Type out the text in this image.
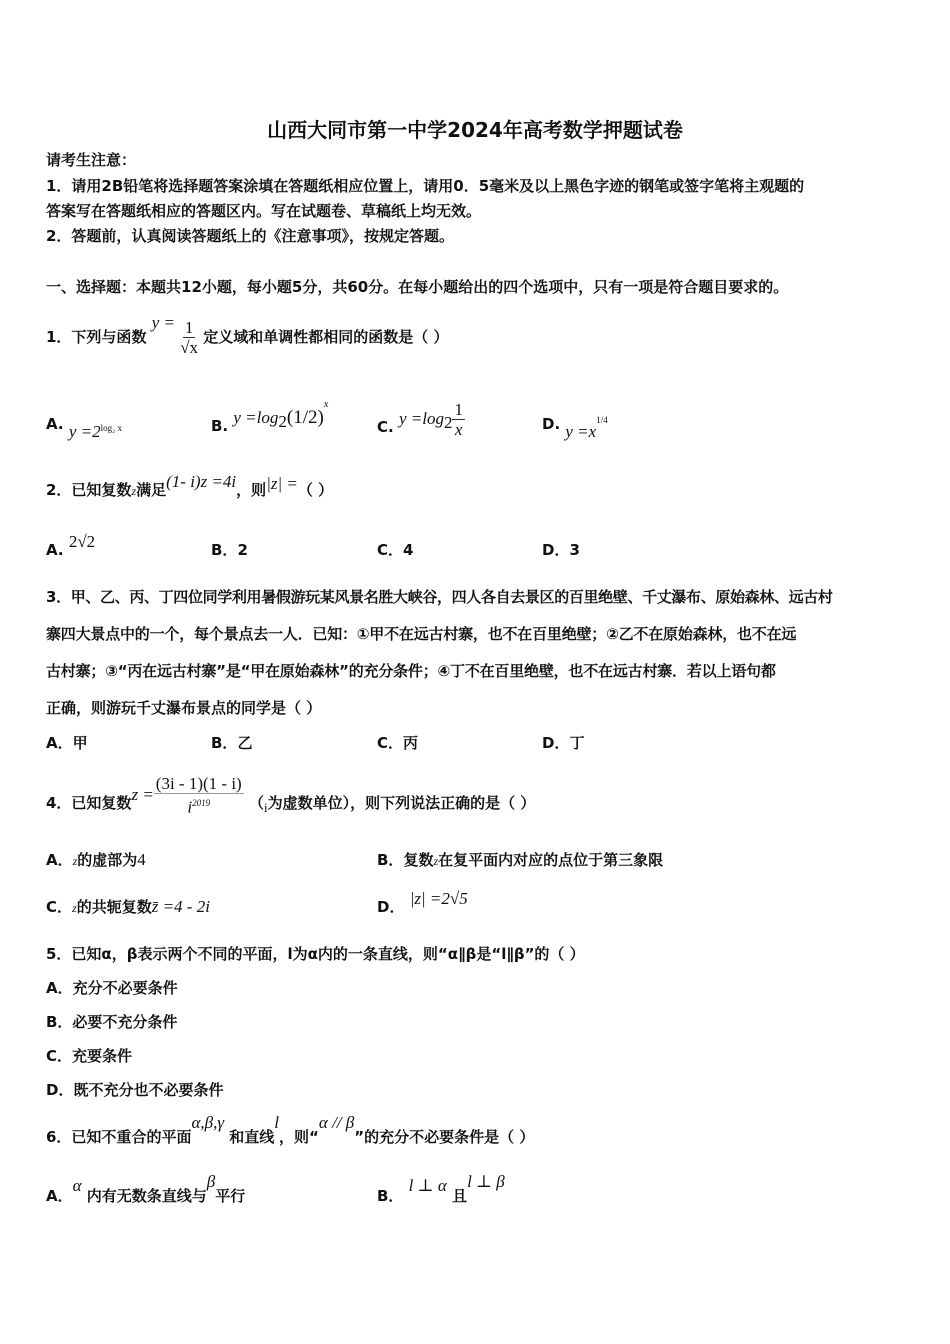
山西大同市第一中学2024年高考数学押题试卷
请考生注意：
1．请用2B铅笔将选择题答案涂填在答题纸相应位置上，请用0．5毫米及以上黑色字迹的钢笔或签字笔将主观题的
答案写在答题纸相应的答题区内。写在试题卷、草稿纸上均无效。
2．答题前，认真阅读答题纸上的《注意事项》，按规定答题。
一、选择题：本题共12小题，每小题5分，共60分。在每小题给出的四个选项中，只有一项是符合题目要求的。
1．下列与函数 $y = \frac{1}{√x}$ 定义域和单调性都相同的函数是（ ）
A. $y =2^{log_2 x}$	B. $y =\log_2(1/2)^x$
C. $y =\log_2 \frac{1}{x}$	D. $y =x^{1/4}$
2．已知复数z满足(1- i)z =4i，则|z| =（ ）
A. 2√2	B．2	C．4	D．3
3．甲、乙、丙、丁四位同学利用暑假游玩某风景名胜大峡谷，四人各自去景区的百里绝壁、千丈瀑布、原始森林、远古村
寨四大景点中的一个，每个景点去一人．已知：①甲不在远古村寨，也不在百里绝壁；②乙不在原始森林，也不在远
古村寨；③“丙在远古村寨”是“甲在原始森林”的充分条件；④丁不在百里绝壁，也不在远古村寨．若以上语句都
正确，则游玩千丈瀑布景点的同学是（ ）
A．甲	B．乙	C．丙	D．丁
4．已知复数$z = \frac{(3i - 1)(1 - i)}{i^{2019}} (i$为虚数单位），则下列说法正确的是（ ）
A．z的虚部为4	B．复数z在复平面内对应的点位于第三象限
C．z的共轭复数z̄ =4 - 2i	D． |z| =2√5
5．已知α，β表示两个不同的平面，l为α内的一条直线，则“α∥β是“l∥β”的（ ）
A．充分不必要条件
B．必要不充分条件
C．充要条件
D．既不充分也不必要条件
6．已知不重合的平面α,β,γ 和直线l，则“α // β”的充分不必要条件是（ ）
A．α 内有无数条直线与β平行	B． l ⊥ α 且l ⊥ β
